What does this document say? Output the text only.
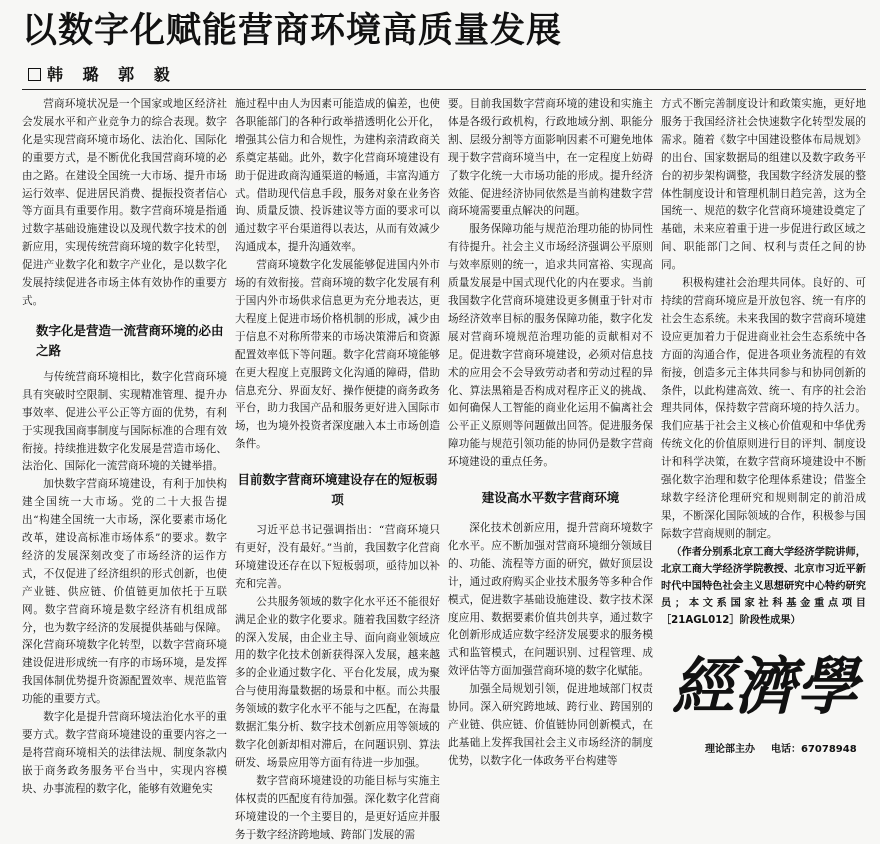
以数字化赋能营商环境高质量发展
韩 璐 郭 毅

营商环境状况是一个国家或地区经济社会发展水平和产业竞争力的综合表现。数字化是实现营商环境市场化、法治化、国际化的重要方式，是不断优化我国营商环境的必由之路。在建设全国统一大市场、提升市场运行效率、促进居民消费、提振投资者信心等方面具有重要作用。数字营商环境是指通过数字基础设施建设以及现代数字技术的创新应用，实现传统营商环境的数字化转型，促进产业数字化和数字产业化，是以数字化发展持续促进各市场主体有效协作的重要方式。

数字化是营造一流营商环境的必由之路

与传统营商环境相比，数字化营商环境具有突破时空限制、实现精准管理、提升办事效率、促进公平公正等方面的优势，有利于实现我国商事制度与国际标准的合理有效衔接。持续推进数字化发展是营造市场化、法治化、国际化一流营商环境的关键举措。

加快数字营商环境建设，有利于加快构建全国统一大市场。党的二十大报告提出“构建全国统一大市场，深化要素市场化改革，建设高标准市场体系”的要求。数字经济的发展深刻改变了市场经济的运作方式，不仅促进了经济组织的形式创新，也使产业链、供应链、价值链更加依托于互联网。数字营商环境是数字经济有机组成部分，也为数字经济的发展提供基础与保障。深化营商环境数字化转型，以数字营商环境建设促进形成统一有序的市场环境，是发挥我国体制优势提升资源配置效率、规范监管功能的重要方式。

数字化是提升营商环境法治化水平的重要方式。数字营商环境建设的重要内容之一是将营商环境相关的法律法规、制度条款内嵌于商务政务服务平台当中，实现内容模块、办事流程的数字化，能够有效避免实

施过程中由人为因素可能造成的偏差，也使各职能部门的各种行政举措透明化公开化，增强其公信力和合规性，为建构亲清政商关系奠定基础。此外，数字化营商环境建设有助于促进政商沟通渠道的畅通，丰富沟通方式。借助现代信息手段，服务对象在业务咨询、质量反馈、投诉建议等方面的要求可以通过数字平台渠道得以表达，从而有效减少沟通成本，提升沟通效率。

营商环境数字化发展能够促进国内外市场的有效衔接。营商环境的数字化发展有利于国内外市场供求信息更为充分地表达，更大程度上促进市场价格机制的形成，减少由于信息不对称所带来的市场决策滞后和资源配置效率低下等问题。数字化营商环境能够在更大程度上克服跨文化沟通的障碍，借助信息充分、界面友好、操作便捷的商务政务平台，助力我国产品和服务更好进入国际市场，也为境外投资者深度融入本土市场创造条件。

目前数字营商环境建设存在的短板弱项

习近平总书记强调指出：“营商环境只有更好，没有最好。”当前，我国数字化营商环境建设还存在以下短板弱项，亟待加以补充和完善。

公共服务领域的数字化水平还不能很好满足企业的数字化要求。随着我国数字经济的深入发展，由企业主导、面向商业领域应用的数字化技术创新获得深入发展，越来越多的企业通过数字化、平台化发展，成为聚合与使用海量数据的场景和中枢。而公共服务领域的数字化水平不能与之匹配，在海量数据汇集分析、数字技术创新应用等领域的数字化创新却相对滞后，在问题识别、算法研发、场景应用等方面有待进一步加强。

数字营商环境建设的功能目标与实施主体权责的匹配度有待加强。深化数字化营商环境建设的一个主要目的，是更好适应并服务于数字经济跨地域、跨部门发展的需

要。目前我国数字营商环境的建设和实施主体是各级行政机构，行政地域分割、职能分割、层级分割等方面影响因素不可避免地体现于数字营商环境当中，在一定程度上妨碍了数字化统一大市场功能的形成。提升经济效能、促进经济协同依然是当前构建数字营商环境需要重点解决的问题。

服务保障功能与规范治理功能的协同性有待提升。社会主义市场经济强调公平原则与效率原则的统一，追求共同富裕、实现高质量发展是中国式现代化的内在要求。当前我国数字化营商环境建设更多侧重于针对市场经济效率目标的服务保障功能，数字化发展对营商环境规范治理功能的贡献相对不足。促进数字营商环境建设，必须对信息技术的应用会不会导致劳动者和劳动过程的异化、算法黑箱是否构成对程序正义的挑战、如何确保人工智能的商业化运用不偏离社会公平正义原则等问题做出回答。促进服务保障功能与规范引领功能的协同仍是数字营商环境建设的重点任务。

建设高水平数字营商环境

深化技术创新应用，提升营商环境数字化水平。应不断加强对营商环境细分领域目的、功能、流程等方面的研究，做好顶层设计，通过政府购买企业技术服务等多种合作模式，促进数字基础设施建设、数字技术深度应用、数据要素价值共创共享，通过数字化创新形成适应数字经济发展要求的服务模式和监管模式，在问题识别、过程管理、成效评估等方面加强营商环境的数字化赋能。

加强全局规划引领，促进地域部门权责协同。深入研究跨地域、跨行业、跨国别的产业链、供应链、价值链协同创新模式，在此基础上发挥我国社会主义市场经济的制度优势，以数字化一体政务平台构建等

方式不断完善制度设计和政策实施，更好地服务于我国经济社会快速数字化转型发展的需求。随着《数字中国建设整体布局规划》的出台、国家数据局的组建以及数字政务平台的初步架构调整，我国数字经济发展的整体性制度设计和管理机制日趋完善，这为全国统一、规范的数字化营商环境建设奠定了基础，未来应着重于进一步促进行政区域之间、职能部门之间、权利与责任之间的协同。

积极构建社会治理共同体。良好的、可持续的营商环境应是开放包容、统一有序的社会生态系统。未来我国的数字营商环境建设应更加着力于促进商业社会生态系统中各方面的沟通合作，促进各项业务流程的有效衔接，创造多元主体共同参与和协同创新的条件，以此构建高效、统一、有序的社会治理共同体，保持数字营商环境的持久活力。我们应基于社会主义核心价值观和中华优秀传统文化的价值原则进行目的评判、制度设计和科学决策，在数字营商环境建设中不断强化数字治理和数字伦理体系建设；借鉴全球数字经济伦理研究和规则制定的前沿成果，不断深化国际领域的合作，积极参与国际数字营商规则的制定。

（作者分别系北京工商大学经济学院讲师，北京工商大学经济学院教授、北京市习近平新时代中国特色社会主义思想研究中心特约研究员；本文系国家社科基金重点项目［21AGL012］阶段性成果）

經濟學
理论部主办 电话：67078948
